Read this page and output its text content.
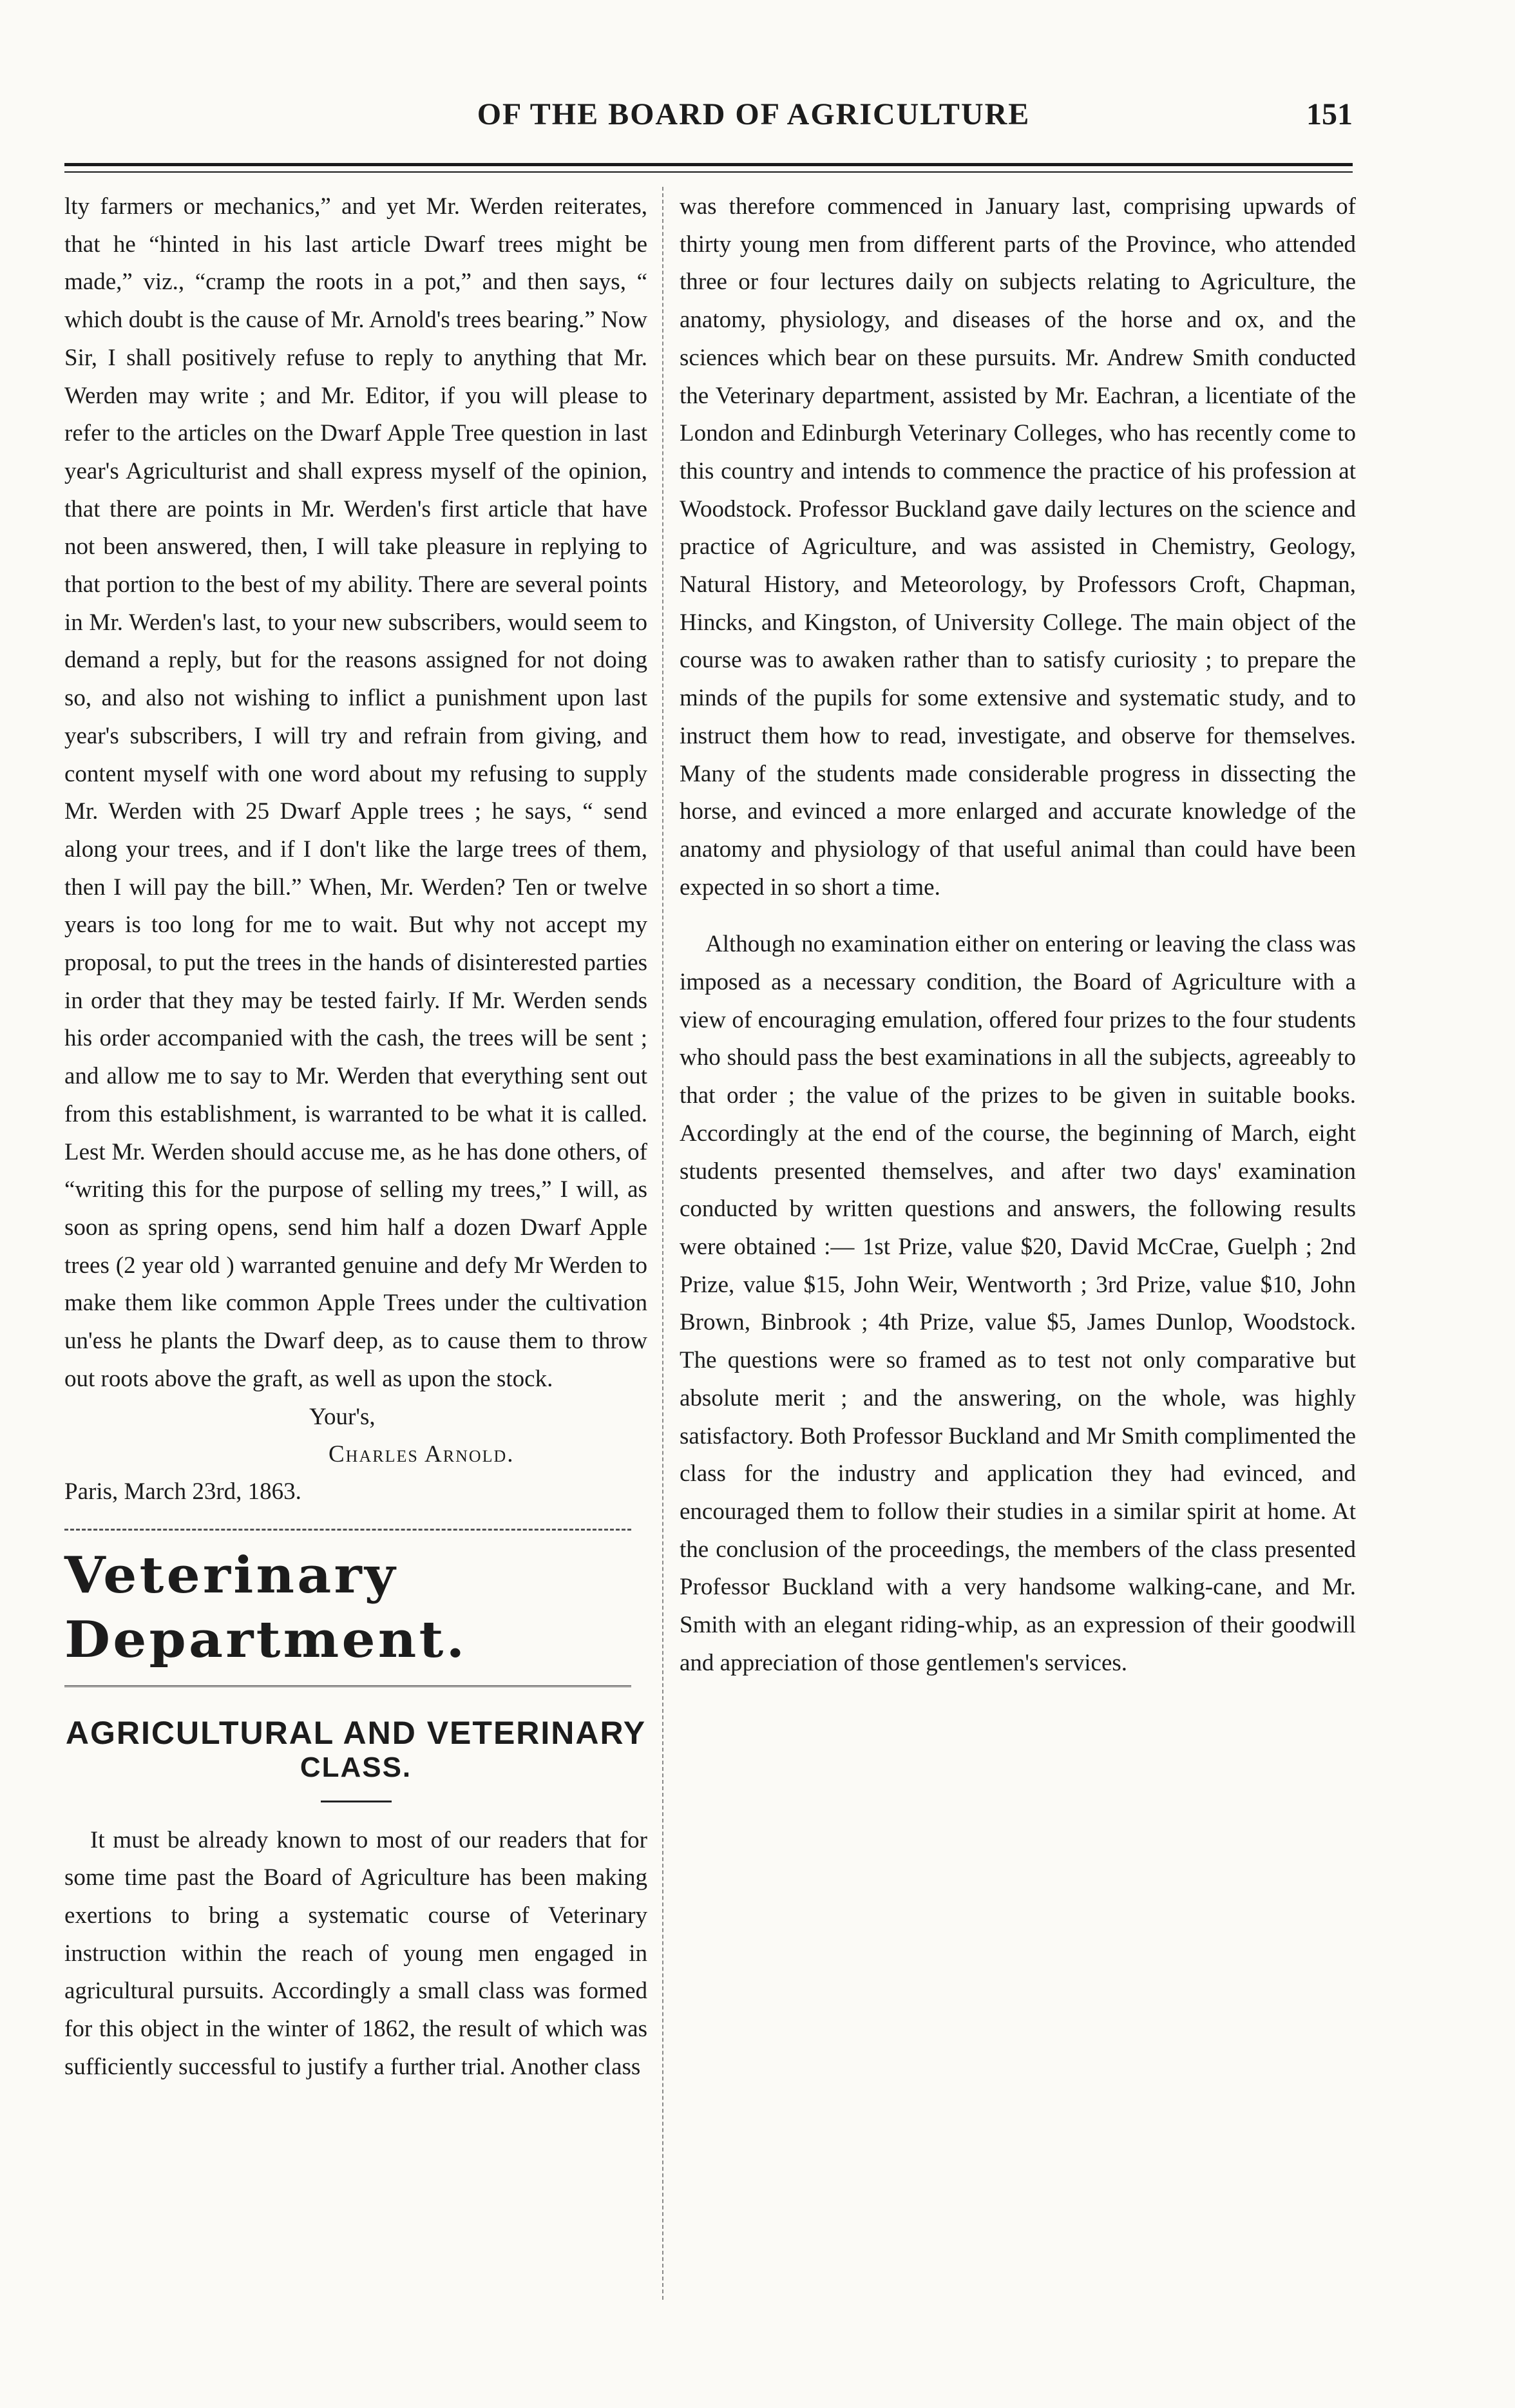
OF THE BOARD OF AGRICULTURE	151

lty farmers or mechanics,” and yet Mr. Werden reiterates, that he “hinted in his last article Dwarf trees might be made,” viz., “cramp the roots in a pot,” and then says, “ which doubt is the cause of Mr. Arnold's trees bearing.” Now Sir, I shall positively refuse to reply to anything that Mr. Werden may write ; and Mr. Editor, if you will please to refer to the articles on the Dwarf Apple Tree question in last year's Agriculturist and shall express myself of the opinion, that there are points in Mr. Werden's first article that have not been answered, then, I will take pleasure in replying to that portion to the best of my ability. There are several points in Mr. Werden's last, to your new subscribers, would seem to demand a reply, but for the reasons assigned for not doing so, and also not wishing to inflict a punishment upon last year's subscribers, I will try and refrain from giving, and content myself with one word about my refusing to supply Mr. Werden with 25 Dwarf Apple trees ; he says, “ send along your trees, and if I don't like the large trees of them, then I will pay the bill.” When, Mr. Werden? Ten or twelve years is too long for me to wait. But why not accept my proposal, to put the trees in the hands of disinterested parties in order that they may be tested fairly. If Mr. Werden sends his order accompanied with the cash, the trees will be sent ; and allow me to say to Mr. Werden that everything sent out from this establishment, is warranted to be what it is called. Lest Mr. Werden should accuse me, as he has done others, of “writing this for the purpose of selling my trees,” I will, as soon as spring opens, send him half a dozen Dwarf Apple trees (2 year old ) warranted genuine and defy Mr Werden to make them like common Apple Trees under the cultivation un'ess he plants the Dwarf deep, as to cause them to throw out roots above the graft, as well as upon the stock.

Your's,
Charles Arnold.
Paris, March 23rd, 1863.
Veterinary Department.
AGRICULTURAL AND VETERINARY
CLASS.

It must be already known to most of our readers that for some time past the Board of Agriculture has been making exertions to bring a systematic course of Veterinary instruction within the reach of young men engaged in agricultural pursuits. Accordingly a small class was formed for this object in the winter of 1862, the result of which was sufficiently successful to justify a further trial. Another class

was therefore commenced in January last, comprising upwards of thirty young men from different parts of the Province, who attended three or four lectures daily on subjects relating to Agriculture, the anatomy, physiology, and diseases of the horse and ox, and the sciences which bear on these pursuits. Mr. Andrew Smith conducted the Veterinary department, assisted by Mr. Eachran, a licentiate of the London and Edinburgh Veterinary Colleges, who has recently come to this country and intends to commence the practice of his profession at Woodstock. Professor Buckland gave daily lectures on the science and practice of Agriculture, and was assisted in Chemistry, Geology, Natural History, and Meteorology, by Professors Croft, Chapman, Hincks, and Kingston, of University College. The main object of the course was to awaken rather than to satisfy curiosity ; to prepare the minds of the pupils for some extensive and systematic study, and to instruct them how to read, investigate, and observe for themselves. Many of the students made considerable progress in dissecting the horse, and evinced a more enlarged and accurate knowledge of the anatomy and physiology of that useful animal than could have been expected in so short a time.

Although no examination either on entering or leaving the class was imposed as a necessary condition, the Board of Agriculture with a view of encouraging emulation, offered four prizes to the four students who should pass the best examinations in all the subjects, agreeably to that order ; the value of the prizes to be given in suitable books. Accordingly at the end of the course, the beginning of March, eight students presented themselves, and after two days' examination conducted by written questions and answers, the following results were obtained :— 1st Prize, value $20, David McCrae, Guelph ; 2nd Prize, value $15, John Weir, Wentworth ; 3rd Prize, value $10, John Brown, Binbrook ; 4th Prize, value $5, James Dunlop, Woodstock. The questions were so framed as to test not only comparative but absolute merit ; and the answering, on the whole, was highly satisfactory. Both Professor Buckland and Mr Smith complimented the class for the industry and application they had evinced, and encouraged them to follow their studies in a similar spirit at home. At the conclusion of the proceedings, the members of the class presented Professor Buckland with a very handsome walking-cane, and Mr. Smith with an elegant riding-whip, as an expression of their goodwill and appreciation of those gentlemen's services.
